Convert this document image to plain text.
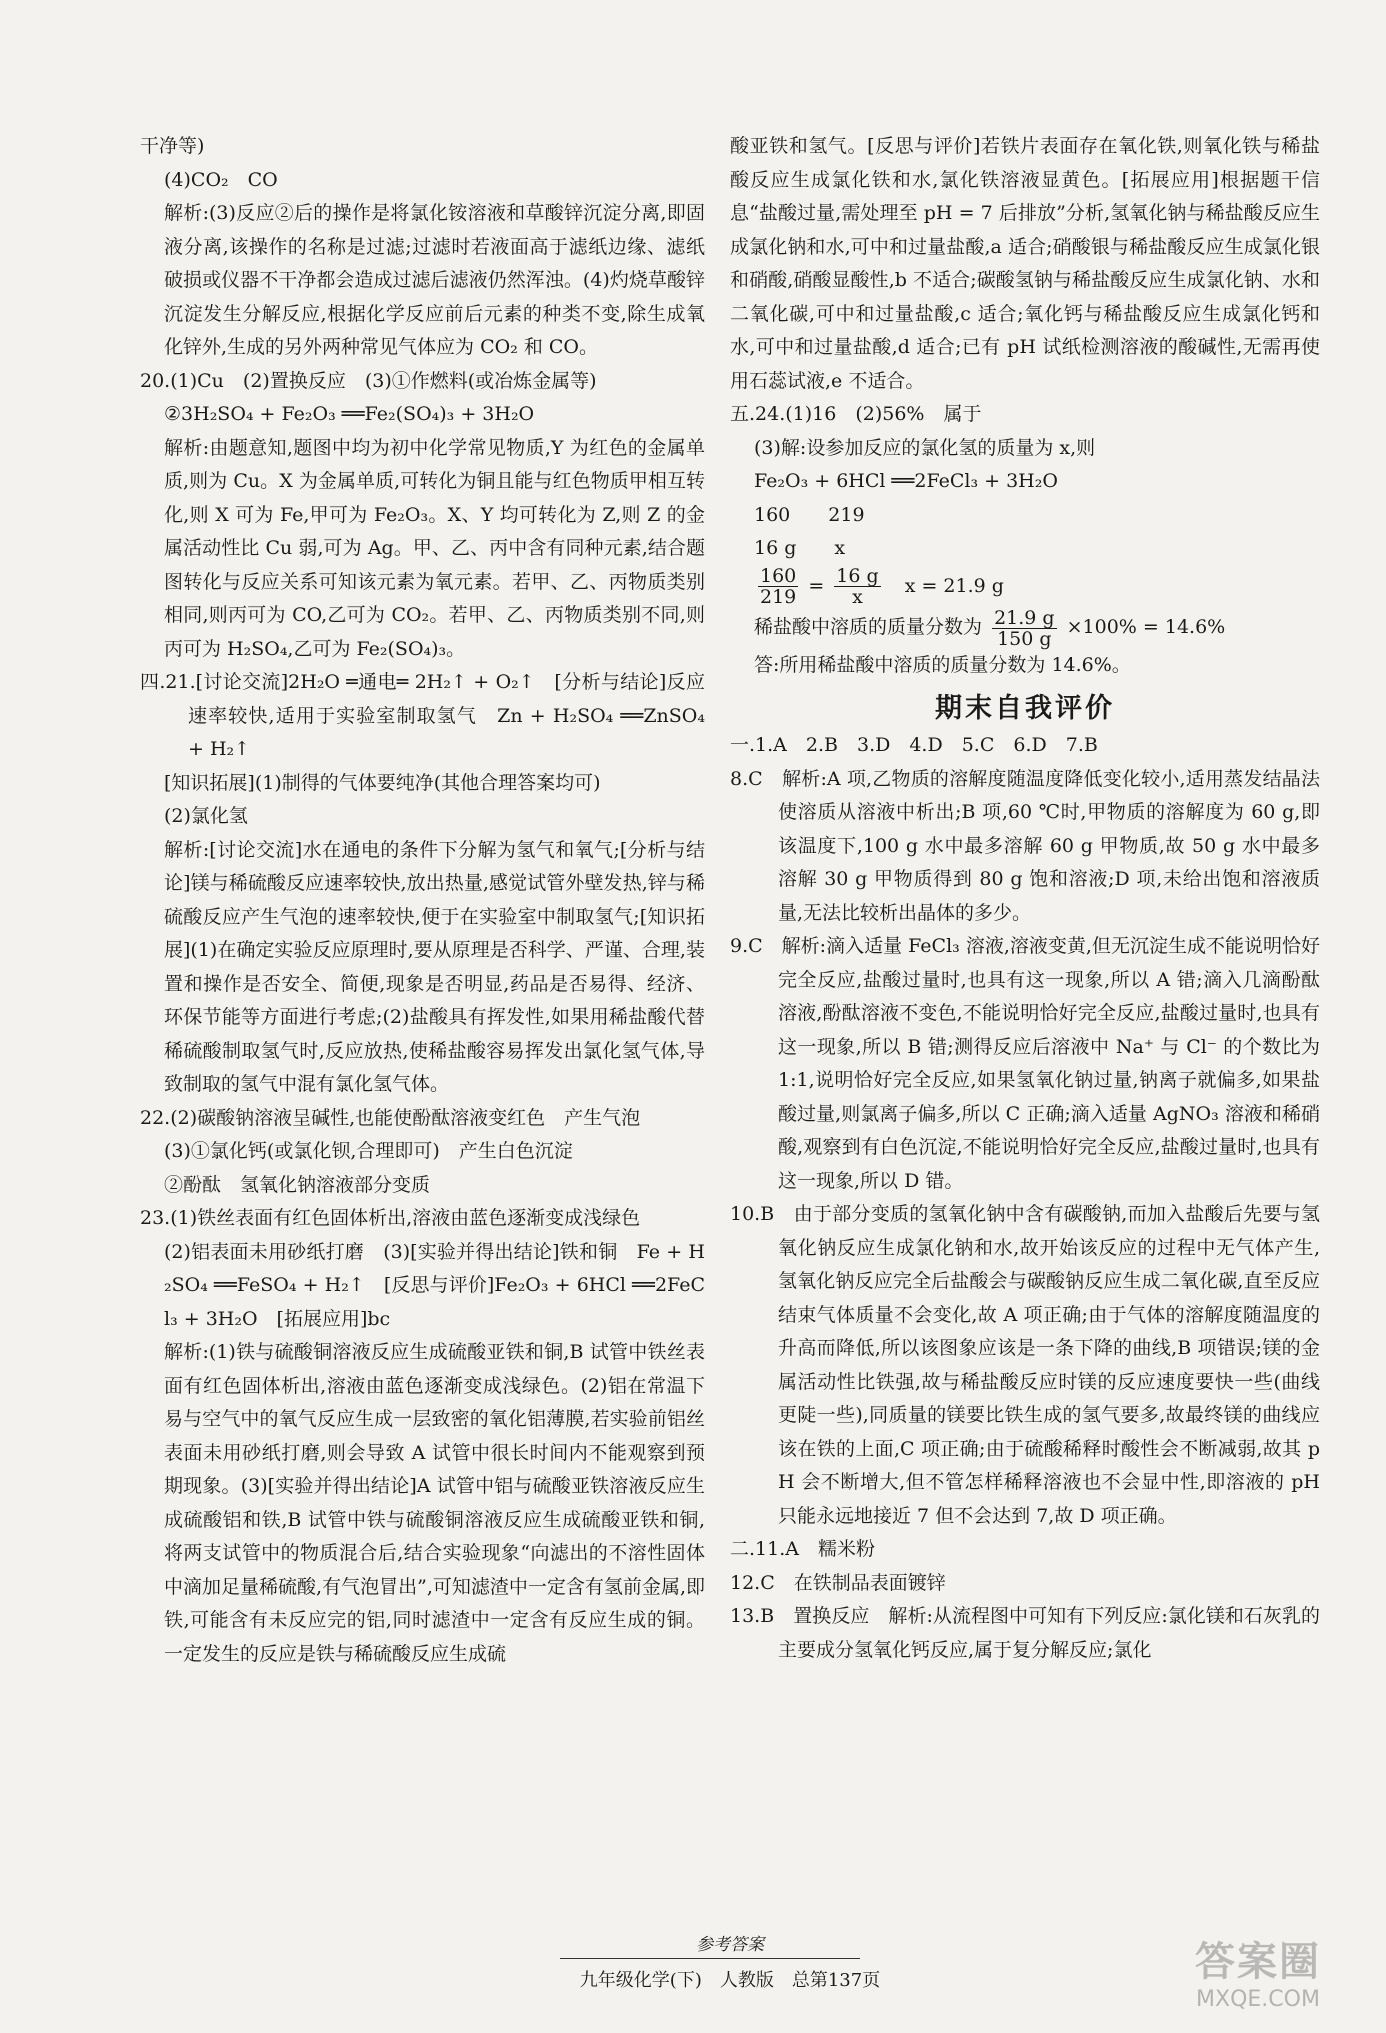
干净等)

(4)CO₂　CO

解析:(3)反应②后的操作是将氯化铵溶液和草酸锌沉淀分离,即固液分离,该操作的名称是过滤;过滤时若液面高于滤纸边缘、滤纸破损或仪器不干净都会造成过滤后滤液仍然浑浊。(4)灼烧草酸锌沉淀发生分解反应,根据化学反应前后元素的种类不变,除生成氧化锌外,生成的另外两种常见气体应为 CO₂ 和 CO。

20.(1)Cu　(2)置换反应　(3)①作燃料(或冶炼金属等)

②3H₂SO₄ + Fe₂O₃ ══Fe₂(SO₄)₃ + 3H₂O

解析:由题意知,题图中均为初中化学常见物质,Y 为红色的金属单质,则为 Cu。X 为金属单质,可转化为铜且能与红色物质甲相互转化,则 X 可为 Fe,甲可为 Fe₂O₃。X、Y 均可转化为 Z,则 Z 的金属活动性比 Cu 弱,可为 Ag。甲、乙、丙中含有同种元素,结合题图转化与反应关系可知该元素为氧元素。若甲、乙、丙物质类别相同,则丙可为 CO,乙可为 CO₂。若甲、乙、丙物质类别不同,则丙可为 H₂SO₄,乙可为 Fe₂(SO₄)₃。

四.21.[讨论交流]2H₂O ═通电═ 2H₂↑ + O₂↑　[分析与结论]反应速率较快,适用于实验室制取氢气　Zn + H₂SO₄ ══ZnSO₄ + H₂↑

[知识拓展](1)制得的气体要纯净(其他合理答案均可)

(2)氯化氢

解析:[讨论交流]水在通电的条件下分解为氢气和氧气;[分析与结论]镁与稀硫酸反应速率较快,放出热量,感觉试管外壁发热,锌与稀硫酸反应产生气泡的速率较快,便于在实验室中制取氢气;[知识拓展](1)在确定实验反应原理时,要从原理是否科学、严谨、合理,装置和操作是否安全、简便,现象是否明显,药品是否易得、经济、环保节能等方面进行考虑;(2)盐酸具有挥发性,如果用稀盐酸代替稀硫酸制取氢气时,反应放热,使稀盐酸容易挥发出氯化氢气体,导致制取的氢气中混有氯化氢气体。

22.(2)碳酸钠溶液呈碱性,也能使酚酞溶液变红色　产生气泡

(3)①氯化钙(或氯化钡,合理即可)　产生白色沉淀

②酚酞　氢氧化钠溶液部分变质

23.(1)铁丝表面有红色固体析出,溶液由蓝色逐渐变成浅绿色

(2)铝表面未用砂纸打磨　(3)[实验并得出结论]铁和铜　Fe + H₂SO₄ ══FeSO₄ + H₂↑　[反思与评价]Fe₂O₃ + 6HCl ══2FeCl₃ + 3H₂O　[拓展应用]bc

解析:(1)铁与硫酸铜溶液反应生成硫酸亚铁和铜,B 试管中铁丝表面有红色固体析出,溶液由蓝色逐渐变成浅绿色。(2)铝在常温下易与空气中的氧气反应生成一层致密的氧化铝薄膜,若实验前铝丝表面未用砂纸打磨,则会导致 A 试管中很长时间内不能观察到预期现象。(3)[实验并得出结论]A 试管中铝与硫酸亚铁溶液反应生成硫酸铝和铁,B 试管中铁与硫酸铜溶液反应生成硫酸亚铁和铜,将两支试管中的物质混合后,结合实验现象“向滤出的不溶性固体中滴加足量稀硫酸,有气泡冒出”,可知滤渣中一定含有氢前金属,即铁,可能含有未反应完的铝,同时滤渣中一定含有反应生成的铜。一定发生的反应是铁与稀硫酸反应生成硫

酸亚铁和氢气。[反思与评价]若铁片表面存在氧化铁,则氧化铁与稀盐酸反应生成氯化铁和水,氯化铁溶液显黄色。[拓展应用]根据题干信息“盐酸过量,需处理至 pH = 7 后排放”分析,氢氧化钠与稀盐酸反应生成氯化钠和水,可中和过量盐酸,a 适合;硝酸银与稀盐酸反应生成氯化银和硝酸,硝酸显酸性,b 不适合;碳酸氢钠与稀盐酸反应生成氯化钠、水和二氧化碳,可中和过量盐酸,c 适合;氧化钙与稀盐酸反应生成氯化钙和水,可中和过量盐酸,d 适合;已有 pH 试纸检测溶液的酸碱性,无需再使用石蕊试液,e 不适合。

五.24.(1)16　(2)56%　属于

(3)解:设参加反应的氯化氢的质量为 x,则

Fe₂O₃ + 6HCl ══2FeCl₃ + 3H₂O

160　　219

16 g　　x

$\frac{160}{219} = \frac{16 g}{x}$ x = 21.9 g
稀盐酸中溶质的质量分数为 $\frac{21.9 g}{150 g} \times 100\% = 14.6\%$

答:所用稀盐酸中溶质的质量分数为 14.6%。

期末自我评价

一.1.A　2.B　3.D　4.D　5.C　6.D　7.B

8.C　解析:A 项,乙物质的溶解度随温度降低变化较小,适用蒸发结晶法使溶质从溶液中析出;B 项,60 ℃时,甲物质的溶解度为 60 g,即该温度下,100 g 水中最多溶解 60 g 甲物质,故 50 g 水中最多溶解 30 g 甲物质得到 80 g 饱和溶液;D 项,未给出饱和溶液质量,无法比较析出晶体的多少。

9.C　解析:滴入适量 FeCl₃ 溶液,溶液变黄,但无沉淀生成不能说明恰好完全反应,盐酸过量时,也具有这一现象,所以 A 错;滴入几滴酚酞溶液,酚酞溶液不变色,不能说明恰好完全反应,盐酸过量时,也具有这一现象,所以 B 错;测得反应后溶液中 Na⁺ 与 Cl⁻ 的个数比为 1:1,说明恰好完全反应,如果氢氧化钠过量,钠离子就偏多,如果盐酸过量,则氯离子偏多,所以 C 正确;滴入适量 AgNO₃ 溶液和稀硝酸,观察到有白色沉淀,不能说明恰好完全反应,盐酸过量时,也具有这一现象,所以 D 错。

10.B　由于部分变质的氢氧化钠中含有碳酸钠,而加入盐酸后先要与氢氧化钠反应生成氯化钠和水,故开始该反应的过程中无气体产生,氢氧化钠反应完全后盐酸会与碳酸钠反应生成二氧化碳,直至反应结束气体质量不会变化,故 A 项正确;由于气体的溶解度随温度的升高而降低,所以该图象应该是一条下降的曲线,B 项错误;镁的金属活动性比铁强,故与稀盐酸反应时镁的反应速度要快一些(曲线更陡一些),同质量的镁要比铁生成的氢气要多,故最终镁的曲线应该在铁的上面,C 项正确;由于硫酸稀释时酸性会不断减弱,故其 pH 会不断增大,但不管怎样稀释溶液也不会显中性,即溶液的 pH 只能永远地接近 7 但不会达到 7,故 D 项正确。

二.11.A　糯米粉

12.C　在铁制品表面镀锌

13.B　置换反应　解析:从流程图中可知有下列反应:氯化镁和石灰乳的主要成分氢氧化钙反应,属于复分解反应;氯化

参考答案
九年级化学(下)　人教版　总第137页	答案圈
MXQE.COM
